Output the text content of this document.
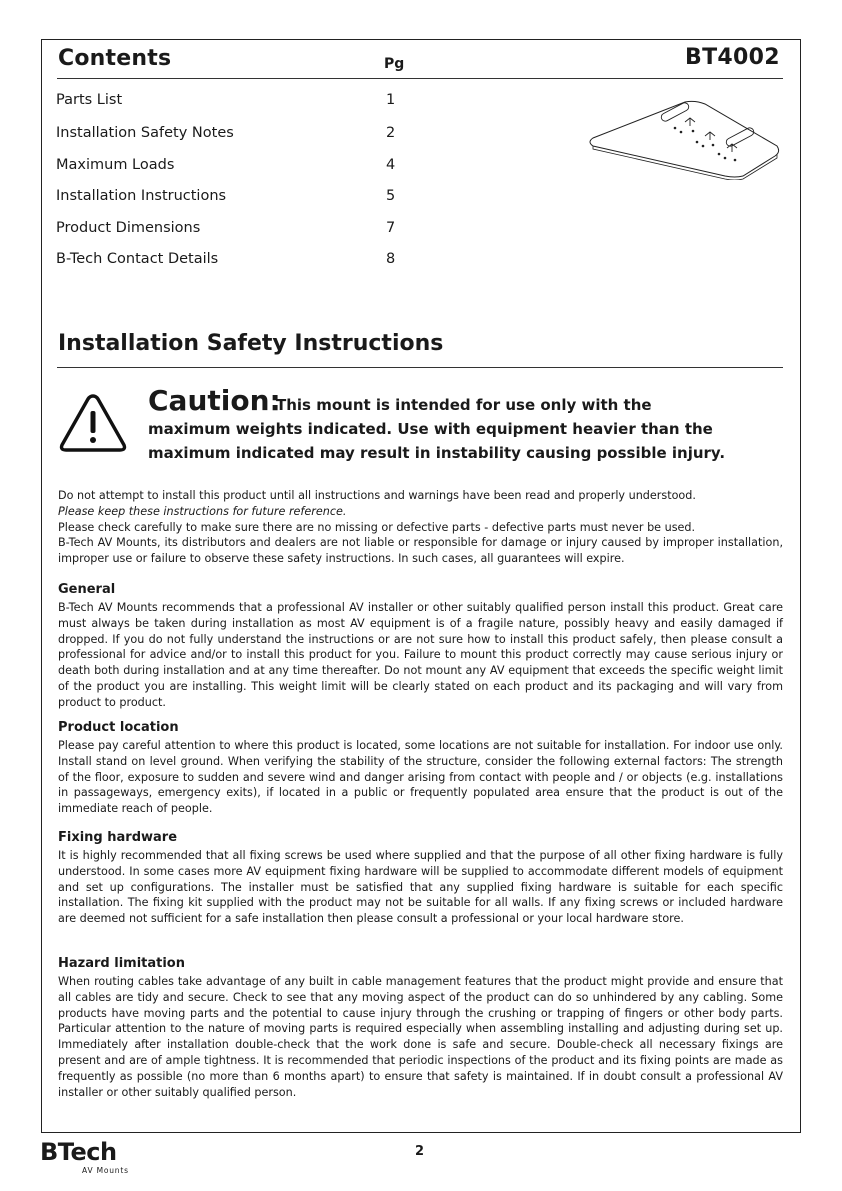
Contents	Pg	BT4002
Parts List	1
Installation Safety Notes	2
Maximum Loads	4
Installation Instructions	5
Product Dimensions	7
B-Tech Contact Details	8
Installation Safety Instructions
Caution:
This mount is intended for use only with the
maximum weights indicated. Use with equipment heavier than the
maximum indicated may result in instability causing possible injury.

Do not attempt to install this product until all instructions and warnings have been read and properly understood.

Please keep these instructions for future reference.

Please check carefully to make sure there are no missing or defective parts - defective parts must never be used.

B-Tech AV Mounts, its distributors and dealers are not liable or responsible for damage or injury caused by improper installation, improper use or failure to observe these safety instructions. In such cases, all guarantees will expire.

General
B-Tech AV Mounts recommends that a professional AV installer or other suitably qualified person install this product. Great care must always be taken during installation as most AV equipment is of a fragile nature, possibly heavy and easily damaged if dropped. If you do not fully understand the instructions or are not sure how to install this product safely, then please consult a professional for advice and/or to install this product for you. Failure to mount this product correctly may cause serious injury or death both during installation and at any time thereafter. Do not mount any AV equipment that exceeds the specific weight limit of the product you are installing. This weight limit will be clearly stated on each product and its packaging and will vary from product to product.
Product location
Please pay careful attention to where this product is located, some locations are not suitable for installation. For indoor use only. Install stand on level ground. When verifying the stability of the structure, consider the following external factors: The strength of the floor, exposure to sudden and severe wind and danger arising from contact with people and / or objects (e.g. installations in passageways, emergency exits), if located in a public or frequently populated area ensure that the product is out of the immediate reach of people.
Fixing hardware
It is highly recommended that all fixing screws be used where supplied and that the purpose of all other fixing hardware is fully understood. In some cases more AV equipment fixing hardware will be supplied to accommodate different models of equipment and set up configurations. The installer must be satisfied that any supplied fixing hardware is suitable for each specific installation. The fixing kit supplied with the product may not be suitable for all walls. If any fixing screws or included hardware are deemed not sufficient for a safe installation then please consult a professional or your local hardware store.
Hazard limitation
When routing cables take advantage of any built in cable management features that the product might provide and ensure that all cables are tidy and secure. Check to see that any moving aspect of the product can do so unhindered by any cabling. Some products have moving parts and the potential to cause injury through the crushing or trapping of fingers or other body parts. Particular attention to the nature of moving parts is required especially when assembling installing and adjusting during set up. Immediately after installation double-check that the work done is safe and secure. Double-check all necessary fixings are present and are of ample tightness. It is recommended that periodic inspections of the product and its fixing points are made as frequently as possible (no more than 6 months apart) to ensure that safety is maintained. If in doubt consult a professional AV installer or other suitably qualified person.
BTech
AV Mounts
2
